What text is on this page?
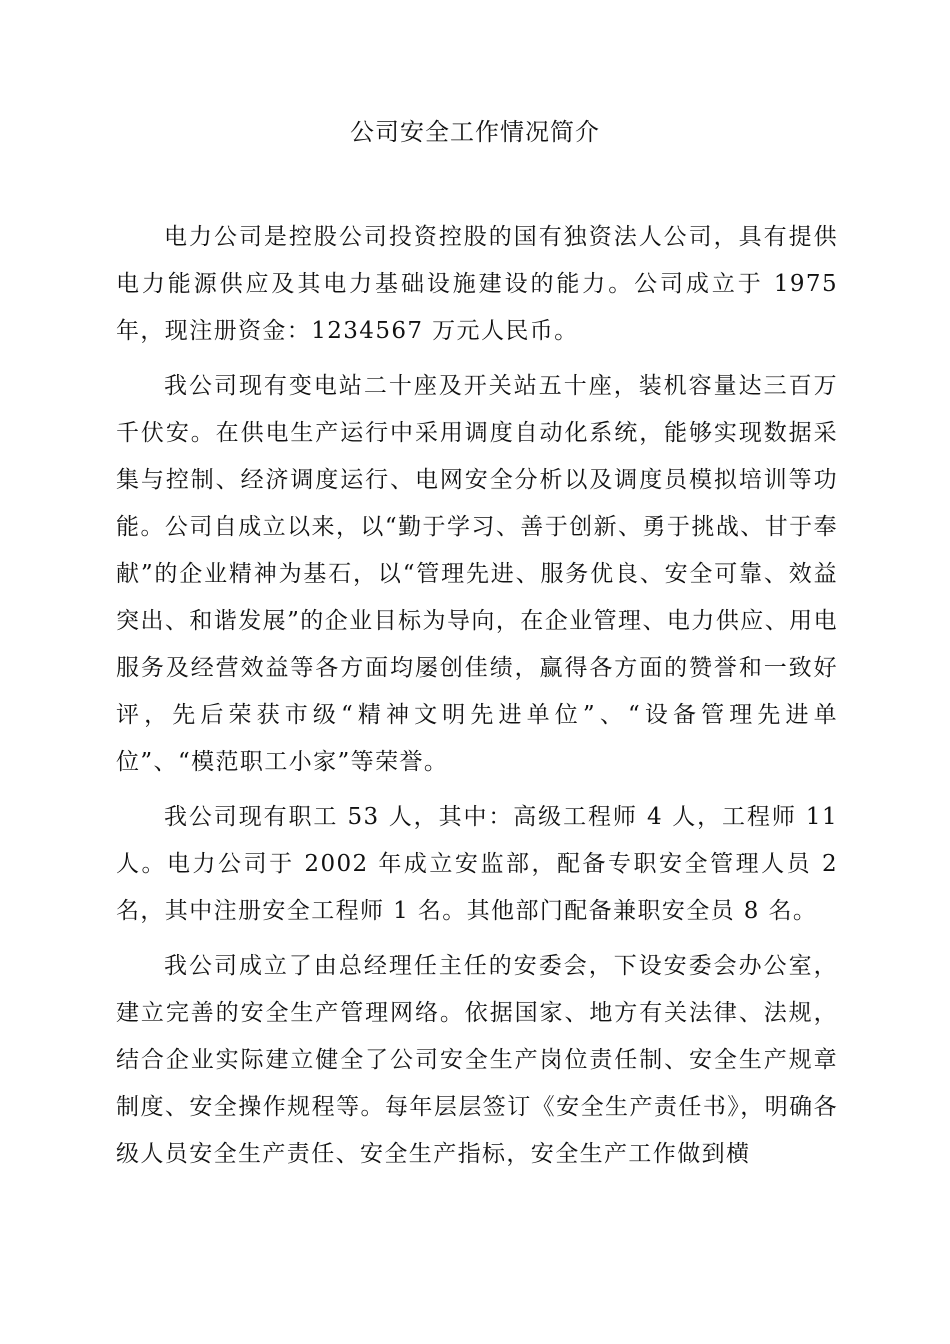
公司安全工作情况简介

电力公司是控股公司投资控股的国有独资法人公司，具有提供电力能源供应及其电力基础设施建设的能力。公司成立于 1975 年，现注册资金：1234567 万元人民币。

我公司现有变电站二十座及开关站五十座，装机容量达三百万千伏安。在供电生产运行中采用调度自动化系统，能够实现数据采集与控制、经济调度运行、电网安全分析以及调度员模拟培训等功能。公司自成立以来，以“勤于学习、善于创新、勇于挑战、甘于奉献”的企业精神为基石，以“管理先进、服务优良、安全可靠、效益突出、和谐发展”的企业目标为导向，在企业管理、电力供应、用电服务及经营效益等各方面均屡创佳绩，赢得各方面的赞誉和一致好评，先后荣获市级“精神文明先进单位”、“设备管理先进单位”、“模范职工小家”等荣誉。

我公司现有职工 53 人，其中：高级工程师 4 人，工程师 11 人。电力公司于 2002 年成立安监部，配备专职安全管理人员 2 名，其中注册安全工程师 1 名。其他部门配备兼职安全员 8 名。

我公司成立了由总经理任主任的安委会，下设安委会办公室，建立完善的安全生产管理网络。依据国家、地方有关法律、法规，结合企业实际建立健全了公司安全生产岗位责任制、安全生产规章制度、安全操作规程等。每年层层签订《安全生产责任书》，明确各级人员安全生产责任、安全生产指标，安全生产工作做到横
